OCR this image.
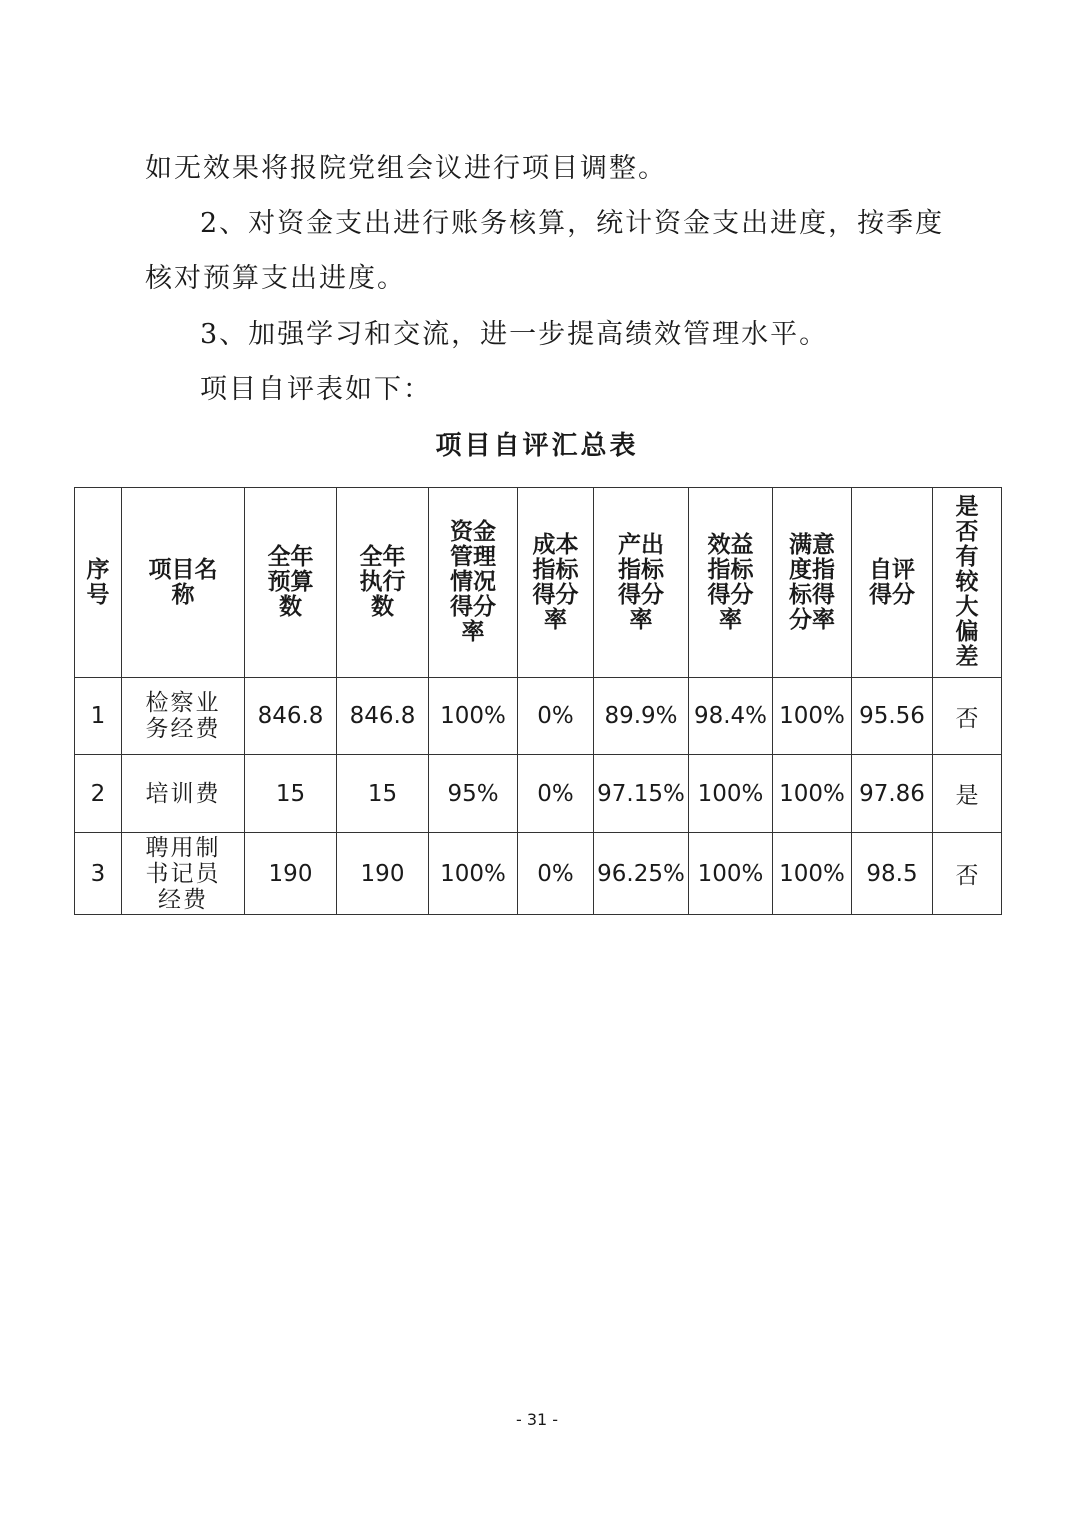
如无效果将报院党组会议进行项目调整。

2、对资金支出进行账务核算，统计资金支出进度，按季度

核对预算支出进度。

3、加强学习和交流，进一步提高绩效管理水平。

项目自评表如下：

项目自评汇总表
序号	项目名称	全年预算数	全年执行数	资金管理情况得分率	成本指标得分率	产出指标得分率	效益指标得分率	满意度指标得分率	自评得分	是否有较大偏差
1	检察业务经费	846.8	846.8	100%	0%	89.9%	98.4%	100%	95.56	否
2	培训费	15	15	95%	0%	97.15%	100%	100%	97.86	是
3	聘用制书记员经费	190	190	100%	0%	96.25%	100%	100%	98.5	否
- 31 -
